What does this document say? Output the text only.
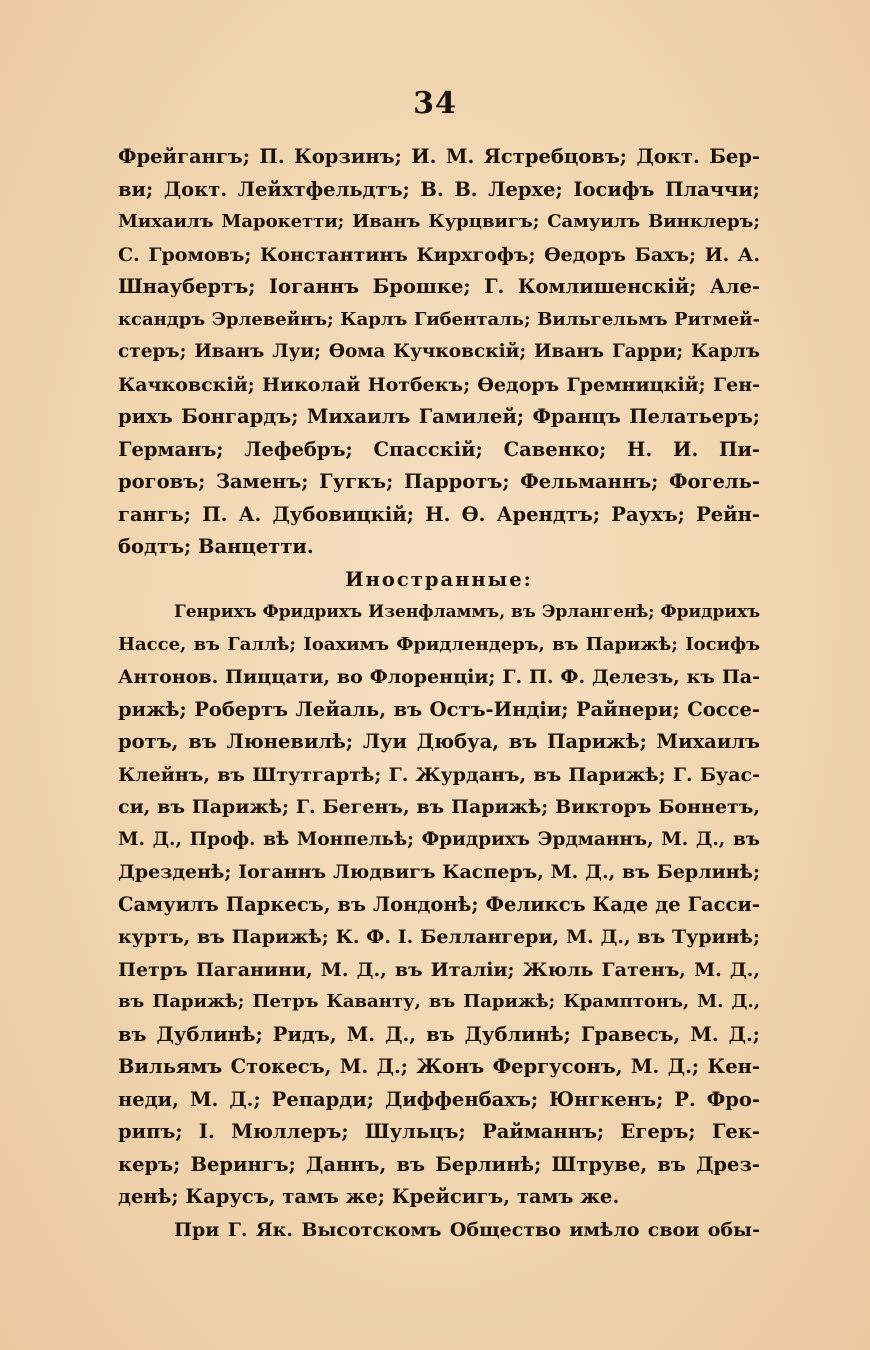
34
Фрейгангъ; П. Корзинъ; И. М. Ястребцовъ; Докт. Бер-
ви; Докт. Лейхтфельдтъ; В. В. Лерхе; Іосифъ Плаччи;
Михаилъ Марокетти; Иванъ Курцвигъ; Самуилъ Винклеръ;
С. Громовъ; Константинъ Кирхгофъ; Ѳедоръ Бахъ; И. А.
Шнаубертъ; Іоганнъ Брошке; Г. Комлишенскій; Але-
ксандръ Эрлевейнъ; Карлъ Гибенталь; Вильгельмъ Ритмей-
стеръ; Иванъ Луи; Ѳома Кучковскій; Иванъ Гарри; Карлъ
Качковскій; Николай Нотбекъ; Ѳедоръ Гремницкій; Ген-
рихъ Бонгардъ; Михаилъ Гамилей; Францъ Пелатьеръ;
Германъ; Лефебръ; Спасскій; Савенко; Н. И. Пи-
роговъ; Заменъ; Гугкъ; Парротъ; Фельманнъ; Фогель-
гангъ; П. А. Дубовицкій; Н. Ѳ. Арендтъ; Раухъ; Рейн-
бодтъ; Ванцетти.
Иностранные:
Генрихъ Фридрихъ Изенфламмъ, въ Эрлангенѣ; Фридрихъ
Нассе, въ Галлѣ; Іоахимъ Фридлендеръ, въ Парижѣ; Іосифъ
Антонов. Пиццати, во Флоренціи; Г. П. Ф. Делезъ, къ Па-
рижѣ; Робертъ Лейаль, въ Остъ-Индіи; Райнери; Соссе-
ротъ, въ Люневилѣ; Луи Дюбуа, въ Парижѣ; Михаилъ
Клейнъ, въ Штутгартѣ; Г. Журданъ, въ Парижѣ; Г. Буас-
си, въ Парижѣ; Г. Бегенъ, въ Парижѣ; Викторъ Боннетъ,
М. Д., Проф. вѣ Монпельѣ; Фридрихъ Эрдманнъ, М. Д., въ
Дрезденѣ; Іоганнъ Людвигъ Касперъ, М. Д., въ Берлинѣ;
Самуилъ Паркесъ, въ Лондонѣ; Феликсъ Каде де Гасси-
куртъ, въ Парижѣ; К. Ф. І. Беллангери, М. Д., въ Туринѣ;
Петръ Паганини, М. Д., въ Италіи; Жюль Гатенъ, М. Д.,
въ Парижѣ; Петръ Каванту, въ Парижѣ; Крамптонъ, М. Д.,
въ Дублинѣ; Ридъ, М. Д., въ Дублинѣ; Гравесъ, М. Д.;
Вильямъ Стокесъ, М. Д.; Жонъ Фергусонъ, М. Д.; Кен-
неди, М. Д.; Репарди; Диффенбахъ; Юнгкенъ; Р. Фро-
рипъ; І. Мюллеръ; Шульцъ; Райманнъ; Егеръ; Гек-
керъ; Верингъ; Даннъ, въ Берлинѣ; Штруве, въ Дрез-
денѣ; Карусъ, тамъ же; Крейсигъ, тамъ же.
При Г. Як. Высотскомъ Общество имѣло свои обы-
